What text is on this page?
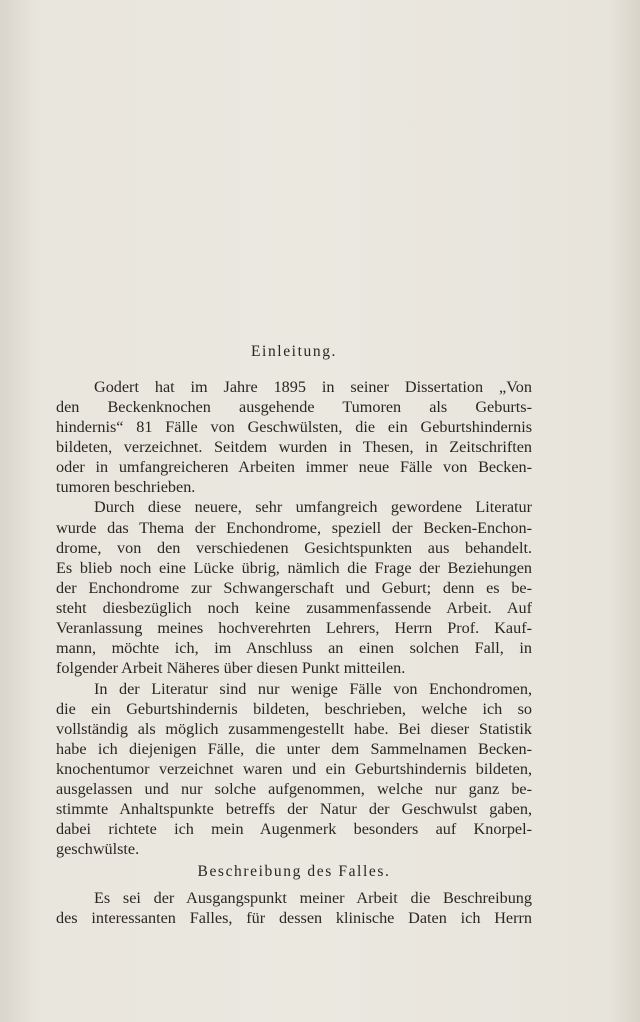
Einleitung.
Godert hat im Jahre 1895 in seiner Dissertation „Von
den Beckenknochen ausgehende Tumoren als Geburts-
hindernis“ 81 Fälle von Geschwülsten, die ein Geburtshindernis
bildeten, verzeichnet. Seitdem wurden in Thesen, in Zeitschriften
oder in umfangreicheren Arbeiten immer neue Fälle von Becken-
tumoren beschrieben.
Durch diese neuere, sehr umfangreich gewordene Literatur
wurde das Thema der Enchondrome, speziell der Becken-Enchon-
drome, von den verschiedenen Gesichtspunkten aus behandelt.
Es blieb noch eine Lücke übrig, nämlich die Frage der Beziehungen
der Enchondrome zur Schwangerschaft und Geburt; denn es be-
steht diesbezüglich noch keine zusammenfassende Arbeit. Auf
Veranlassung meines hochverehrten Lehrers, Herrn Prof. Kauf-
mann, möchte ich, im Anschluss an einen solchen Fall, in
folgender Arbeit Näheres über diesen Punkt mitteilen.
In der Literatur sind nur wenige Fälle von Enchondromen,
die ein Geburtshindernis bildeten, beschrieben, welche ich so
vollständig als möglich zusammengestellt habe. Bei dieser Statistik
habe ich diejenigen Fälle, die unter dem Sammelnamen Becken-
knochentumor verzeichnet waren und ein Geburtshindernis bildeten,
ausgelassen und nur solche aufgenommen, welche nur ganz be-
stimmte Anhaltspunkte betreffs der Natur der Geschwulst gaben,
dabei richtete ich mein Augenmerk besonders auf Knorpel-
geschwülste.
Beschreibung des Falles.
Es sei der Ausgangspunkt meiner Arbeit die Beschreibung
des interessanten Falles, für dessen klinische Daten ich Herrn
